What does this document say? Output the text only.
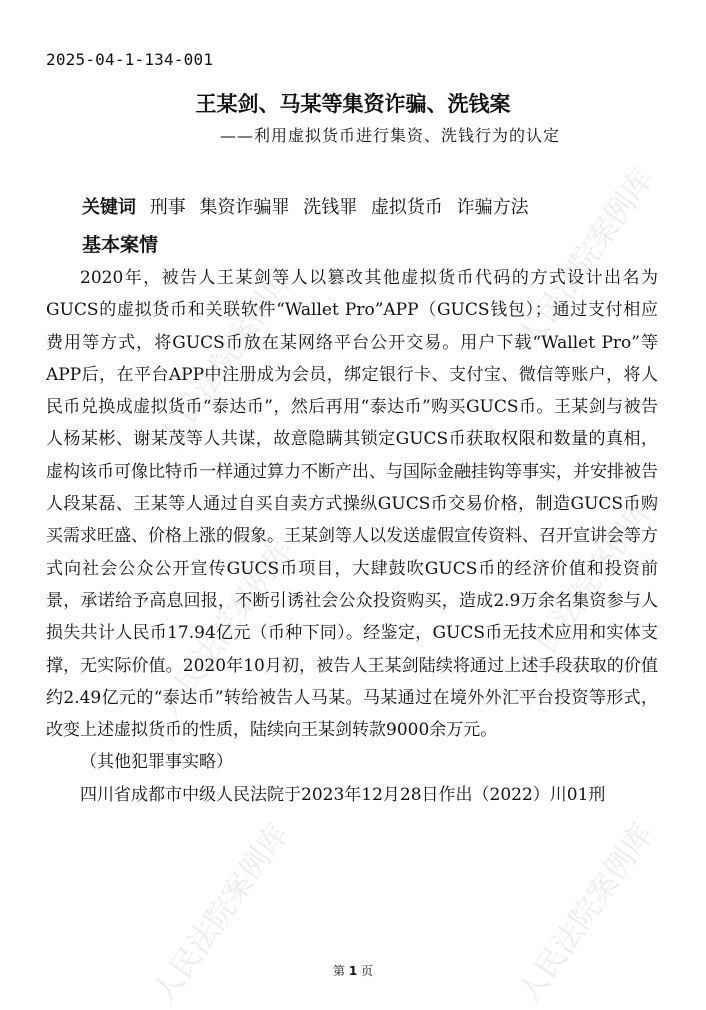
人民法院案例库
人民法院案例库
人民法院案例库	人民法院案例库
人民法院案例库	人民法院案例库
2025-04-1-134-001
王某剑、马某等集资诈骗、洗钱案
——利用虚拟货币进行集资、洗钱行为的认定
关键词 刑事 集资诈骗罪 洗钱罪 虚拟货币 诈骗方法
基本案情

2020年，被告人王某剑等人以篡改其他虚拟货币代码的方式设计出名为GUCS的虚拟货币和关联软件“Wallet Pro”APP（GUCS钱包）；通过支付相应费用等方式，将GUCS币放在某网络平台公开交易。用户下载“Wallet Pro”等APP后，在平台APP中注册成为会员，绑定银行卡、支付宝、微信等账户，将人民币兑换成虚拟货币“泰达币”，然后再用“泰达币”购买GUCS币。王某剑与被告人杨某彬、谢某茂等人共谋，故意隐瞒其锁定GUCS币获取权限和数量的真相，虚构该币可像比特币一样通过算力不断产出、与国际金融挂钩等事实，并安排被告人段某磊、王某等人通过自买自卖方式操纵GUCS币交易价格，制造GUCS币购买需求旺盛、价格上涨的假象。王某剑等人以发送虚假宣传资料、召开宣讲会等方式向社会公众公开宣传GUCS币项目，大肆鼓吹GUCS币的经济价值和投资前景，承诺给予高息回报，不断引诱社会公众投资购买，造成2.9万余名集资参与人损失共计人民币17.94亿元（币种下同）。经鉴定，GUCS币无技术应用和实体支撑，无实际价值。2020年10月初，被告人王某剑陆续将通过上述手段获取的价值约2.49亿元的“泰达币”转给被告人马某。马某通过在境外外汇平台投资等形式，改变上述虚拟货币的性质，陆续向王某剑转款9000余万元。

（其他犯罪事实略）

四川省成都市中级人民法院于2023年12月28日作出（2022）川01刑

第 1 页
